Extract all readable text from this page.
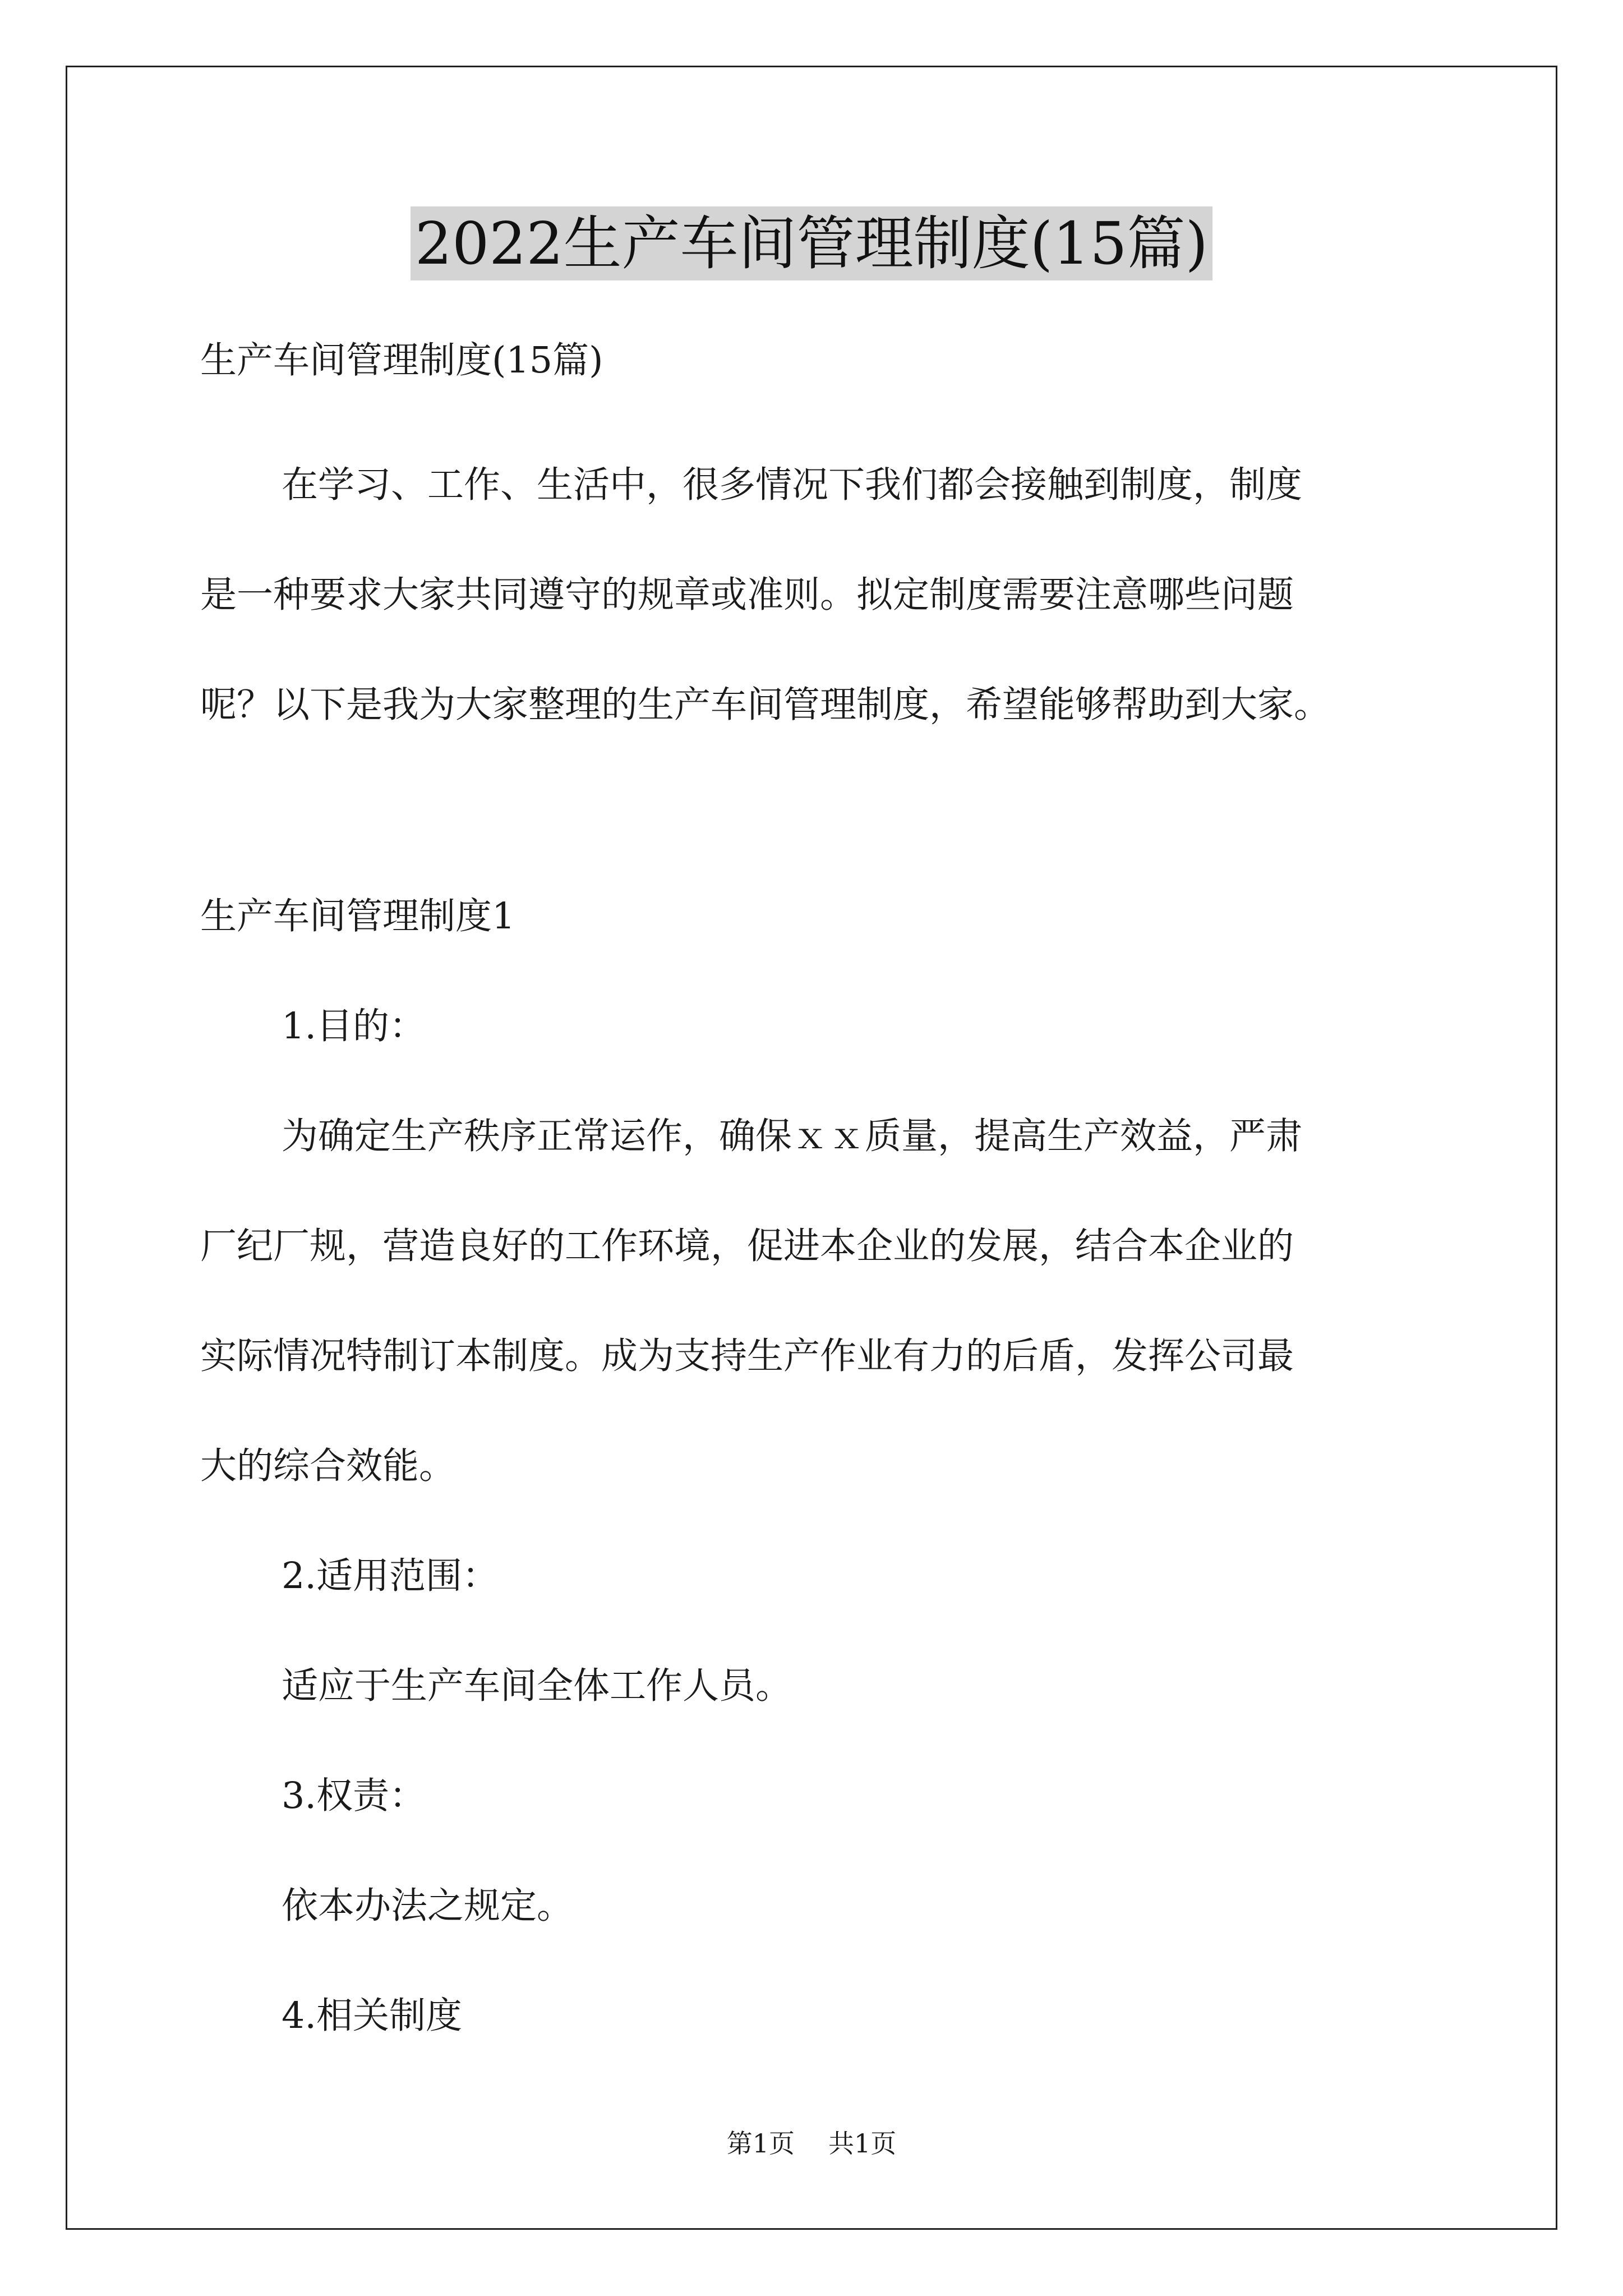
2022生产车间管理制度(15篇)
生产车间管理制度(15篇)
在学习、工作、生活中，很多情况下我们都会接触到制度，制度
是一种要求大家共同遵守的规章或准则。拟定制度需要注意哪些问题
呢？以下是我为大家整理的生产车间管理制度，希望能够帮助到大家。
生产车间管理制度1
1.目的：
为确定生产秩序正常运作，确保ｘｘ质量，提高生产效益，严肃
厂纪厂规，营造良好的工作环境，促进本企业的发展，结合本企业的
实际情况特制订本制度。成为支持生产作业有力的后盾，发挥公司最
大的综合效能。
2.适用范围：
适应于生产车间全体工作人员。
3.权责：
依本办法之规定。
4.相关制度
第1页 共1页
